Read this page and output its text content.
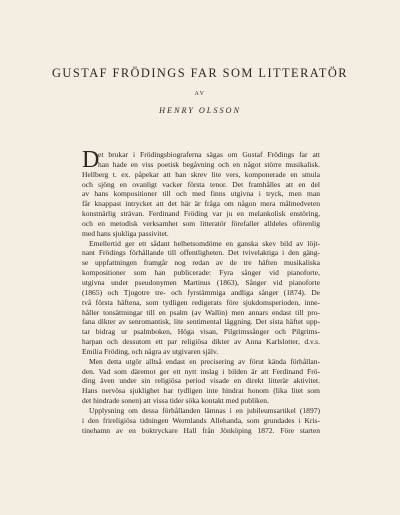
GUSTAF FRÖDINGS FAR SOM LITTERATÖR
AV
HENRY OLSSON
D
et brukar i Frödingsbiograferna sägas om Gustaf Frödings far att
han hade en viss poetisk begåvning och en något större musikalisk.
Hellberg t. ex. påpekar att han skrev lite vers, komponerade en smula
och sjöng en ovanligt vacker första tenor. Det framhålles att en del
av hans kompositioner till och med finns utgivna i tryck, men man
får knappast intrycket att det här är fråga om någon mera målmedveten
konstnärlig strävan. Ferdinand Fröding var ju en melankolisk enstöring,
och en metodisk verksamhet som litteratör förefaller alldeles oförenlig
med hans sjukliga passivitet.
Emellertid ger ett sådant helhetsomdöme en ganska skev bild av löjt-
nant Frödings förhållande till offentligheten. Det tvivelaktiga i den gäng-
se uppfattningen framgår nog redan av de tre häften musikaliska
kompositioner som han publicerade: Fyra sånger vid pianoforte,
utgivna under pseudonymen Martinus (1863), Sånger vid pianoforte
(1865) och Tjugotre tre- och fyrstämmiga andliga sånger (1874). De
två första häftena, som tydligen redigerats före sjukdomsperioden, inne-
håller tonsättningar till en psalm (av Wallin) men annars endast till pro-
fana dikter av senromantisk, lite sentimental läggning. Det sista häftet upp-
tar bidrag ur psalmboken, Höga visan, Pilgrimssånger och Pilgrims-
harpan och dessutom ett par religiösa dikter av Anna Karlslotter, d.v.s.
Emilia Fröding, och några av utgivaren själv.
Men detta utgör alltså endast en precisering av förut kända förhållan-
den. Vad som däremot ger ett nytt inslag i bilden är att Ferdinand Frö-
ding även under sin religiösa period visade en direkt litterär aktivitet.
Hans nervösa sjuklighet har tydligen inte hindrat honom (lika litet som
det hindrade sonen) att vissa tider söka kontakt med publiken.
Upplysning om dessa förhållanden lämnas i en jubileumsartikel (1897)
i den frireligiösa tidningen Wermlands Allehanda, som grundades i Kris-
tinehamn av en boktryckare Hall från Jönköping 1872. Före starten
